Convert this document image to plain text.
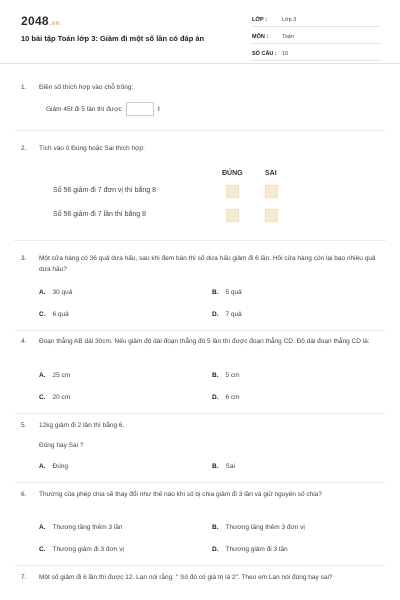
2048.vn
10 bài tập Toán lớp 3: Giảm đi một số lần có đáp án
LỚP :	Lớp 3
MÔN :	Toán
SỐ CÂU : 10
1. Điền số thích hợp vào chỗ trống:
Giảm 45ℓ đi 5 lần thì được	ℓ
2. Tích vào ô Đúng hoặc Sai thích hợp:
ĐÚNG	SAI
Số 56 giảm đi 7 đơn vị thì bằng 8
Số 56 giảm đi 7 lần thì bằng 8
3. Một cửa hàng có 36 quả dưa hấu, sau khi đem bán thì số dưa hấu giảm đi 6 lần. Hỏi cửa hàng còn lại bao nhiêu quả dưa hấu?
A. 30 quả	B. 5 quả
C. 6 quả	D. 7 quả
4. Đoạn thẳng AB dài 30cm. Nếu giảm độ dài đoạn thẳng đó 5 lần thì được đoạn thẳng CD. Độ dài đoạn thẳng CD là:
A. 25 cm	B. 5 cm
C. 20 cm	D. 6 cm
5. 12kg giảm đi 2 lần thì bằng 6.
Đúng hay Sai ?
A. Đúng	B. Sai
6. Thương của phép chia sẽ thay đổi như thế nào khi số bị chia giảm đi 3 lần và giữ nguyên số chia?
A. Thương tăng thêm 3 lần	B. Thương tăng thêm 3 đơn vị
C. Thương giảm đi 3 đơn vị	D. Thương giảm đi 3 lần
7. Một số giảm đi 6 lần thì được 12. Lan nói rằng: " Số đó có giá trị là 2". Theo em Lan nói đúng hay sai?
